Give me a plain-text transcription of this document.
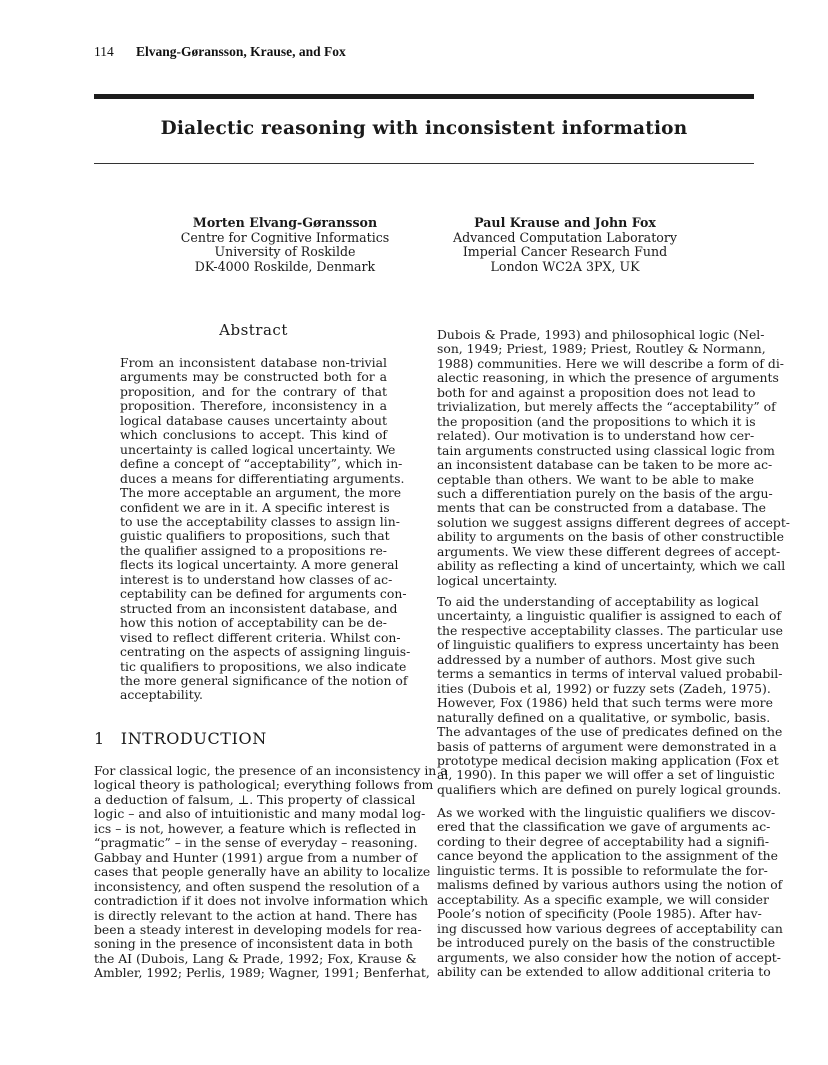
114 Elvang-Gøransson, Krause, and Fox
Dialectic reasoning with inconsistent information
Morten Elvang-Gøransson
Centre for Cognitive Informatics
University of Roskilde
DK-4000 Roskilde, Denmark
Paul Krause and John Fox
Advanced Computation Laboratory
Imperial Cancer Research Fund
London WC2A 3PX, UK
Abstract
From an inconsistent database non-trivial
arguments may be constructed both for a
proposition, and for the contrary of that
proposition. Therefore, inconsistency in a
logical database causes uncertainty about
which conclusions to accept. This kind of
uncertainty is called logical uncertainty. We
define a concept of “acceptability”, which in-
duces a means for differentiating arguments.
The more acceptable an argument, the more
confident we are in it. A specific interest is
to use the acceptability classes to assign lin-
guistic qualifiers to propositions, such that
the qualifier assigned to a propositions re-
flects its logical uncertainty. A more general
interest is to understand how classes of ac-
ceptability can be defined for arguments con-
structed from an inconsistent database, and
how this notion of acceptability can be de-
vised to reflect different criteria. Whilst con-
centrating on the aspects of assigning linguis-
tic qualifiers to propositions, we also indicate
the more general significance of the notion of
acceptability.
1 INTRODUCTION
For classical logic, the presence of an inconsistency in a
logical theory is pathological; everything follows from
a deduction of falsum, ⊥. This property of classical
logic – and also of intuitionistic and many modal log-
ics – is not, however, a feature which is reflected in
“pragmatic” – in the sense of everyday – reasoning.
Gabbay and Hunter (1991) argue from a number of
cases that people generally have an ability to localize
inconsistency, and often suspend the resolution of a
contradiction if it does not involve information which
is directly relevant to the action at hand. There has
been a steady interest in developing models for rea-
soning in the presence of inconsistent data in both
the AI (Dubois, Lang & Prade, 1992; Fox, Krause &
Ambler, 1992; Perlis, 1989; Wagner, 1991; Benferhat,
Dubois & Prade, 1993) and philosophical logic (Nel-
son, 1949; Priest, 1989; Priest, Routley & Normann,
1988) communities. Here we will describe a form of di-
alectic reasoning, in which the presence of arguments
both for and against a proposition does not lead to
trivialization, but merely affects the “acceptability” of
the proposition (and the propositions to which it is
related). Our motivation is to understand how cer-
tain arguments constructed using classical logic from
an inconsistent database can be taken to be more ac-
ceptable than others. We want to be able to make
such a differentiation purely on the basis of the argu-
ments that can be constructed from a database. The
solution we suggest assigns different degrees of accept-
ability to arguments on the basis of other constructible
arguments. We view these different degrees of accept-
ability as reflecting a kind of uncertainty, which we call
logical uncertainty.
To aid the understanding of acceptability as logical
uncertainty, a linguistic qualifier is assigned to each of
the respective acceptability classes. The particular use
of linguistic qualifiers to express uncertainty has been
addressed by a number of authors. Most give such
terms a semantics in terms of interval valued probabil-
ities (Dubois et al, 1992) or fuzzy sets (Zadeh, 1975).
However, Fox (1986) held that such terms were more
naturally defined on a qualitative, or symbolic, basis.
The advantages of the use of predicates defined on the
basis of patterns of argument were demonstrated in a
prototype medical decision making application (Fox et
al, 1990). In this paper we will offer a set of linguistic
qualifiers which are defined on purely logical grounds.
As we worked with the linguistic qualifiers we discov-
ered that the classification we gave of arguments ac-
cording to their degree of acceptability had a signifi-
cance beyond the application to the assignment of the
linguistic terms. It is possible to reformulate the for-
malisms defined by various authors using the notion of
acceptability. As a specific example, we will consider
Poole’s notion of specificity (Poole 1985). After hav-
ing discussed how various degrees of acceptability can
be introduced purely on the basis of the constructible
arguments, we also consider how the notion of accept-
ability can be extended to allow additional criteria to
